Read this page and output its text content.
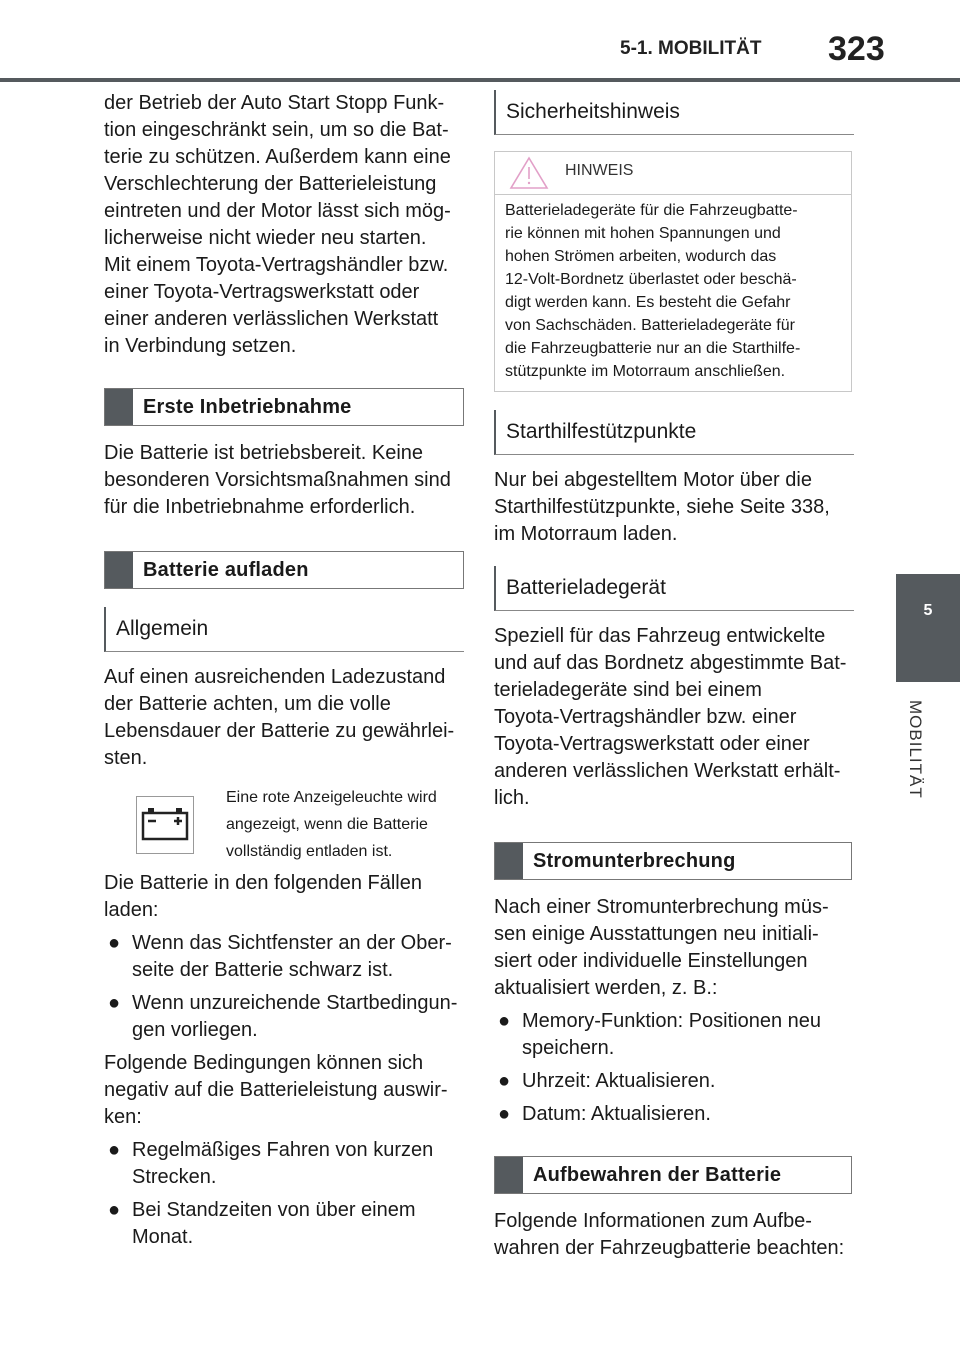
5-1. MOBILITÄT 323
5
MOBILITÄT

der Betrieb der Auto Start Stopp Funk-
tion eingeschränkt sein, um so die Bat-
terie zu schützen. Außerdem kann eine
Verschlechterung der Batterieleistung
eintreten und der Motor lässt sich mög-
licherweise nicht wieder neu starten.
Mit einem Toyota-Vertragshändler bzw.
einer Toyota-Vertragswerkstatt oder
einer anderen verlässlichen Werkstatt
in Verbindung setzen.

Erste Inbetriebnahme

Die Batterie ist betriebsbereit. Keine
besonderen Vorsichtsmaßnahmen sind
für die Inbetriebnahme erforderlich.

Batterie aufladen
Allgemein

Auf einen ausreichenden Ladezustand
der Batterie achten, um die volle
Lebensdauer der Batterie zu gewährlei-
sten.

Eine rote Anzeigeleuchte wird
angezeigt, wenn die Batterie
vollständig entladen ist.

Die Batterie in den folgenden Fällen
laden:

● Wenn das Sichtfenster an der Ober-
seite der Batterie schwarz ist.
● Wenn unzureichende Startbedingun-
gen vorliegen.

Folgende Bedingungen können sich
negativ auf die Batterieleistung auswir-
ken:

● Regelmäßiges Fahren von kurzen
Strecken.
● Bei Standzeiten von über einem
Monat.
Sicherheitshinweis
HINWEIS
Batterieladegeräte für die Fahrzeugbatte-
rie können mit hohen Spannungen und
hohen Strömen arbeiten, wodurch das
12-Volt-Bordnetz überlastet oder beschä-
digt werden kann. Es besteht die Gefahr
von Sachschäden. Batterieladegeräte für
die Fahrzeugbatterie nur an die Starthilfe-
stützpunkte im Motorraum anschließen.
Starthilfestützpunkte

Nur bei abgestelltem Motor über die
Starthilfestützpunkte, siehe Seite 338,
im Motorraum laden.

Batterieladegerät

Speziell für das Fahrzeug entwickelte
und auf das Bordnetz abgestimmte Bat-
terieladegeräte sind bei einem
Toyota-Vertragshändler bzw. einer
Toyota-Vertragswerkstatt oder einer
anderen verlässlichen Werkstatt erhält-
lich.

Stromunterbrechung

Nach einer Stromunterbrechung müs-
sen einige Ausstattungen neu initiali-
siert oder individuelle Einstellungen
aktualisiert werden, z. B.:

● Memory-Funktion: Positionen neu
speichern.
● Uhrzeit: Aktualisieren.
● Datum: Aktualisieren.
Aufbewahren der Batterie

Folgende Informationen zum Aufbe-
wahren der Fahrzeugbatterie beachten:
